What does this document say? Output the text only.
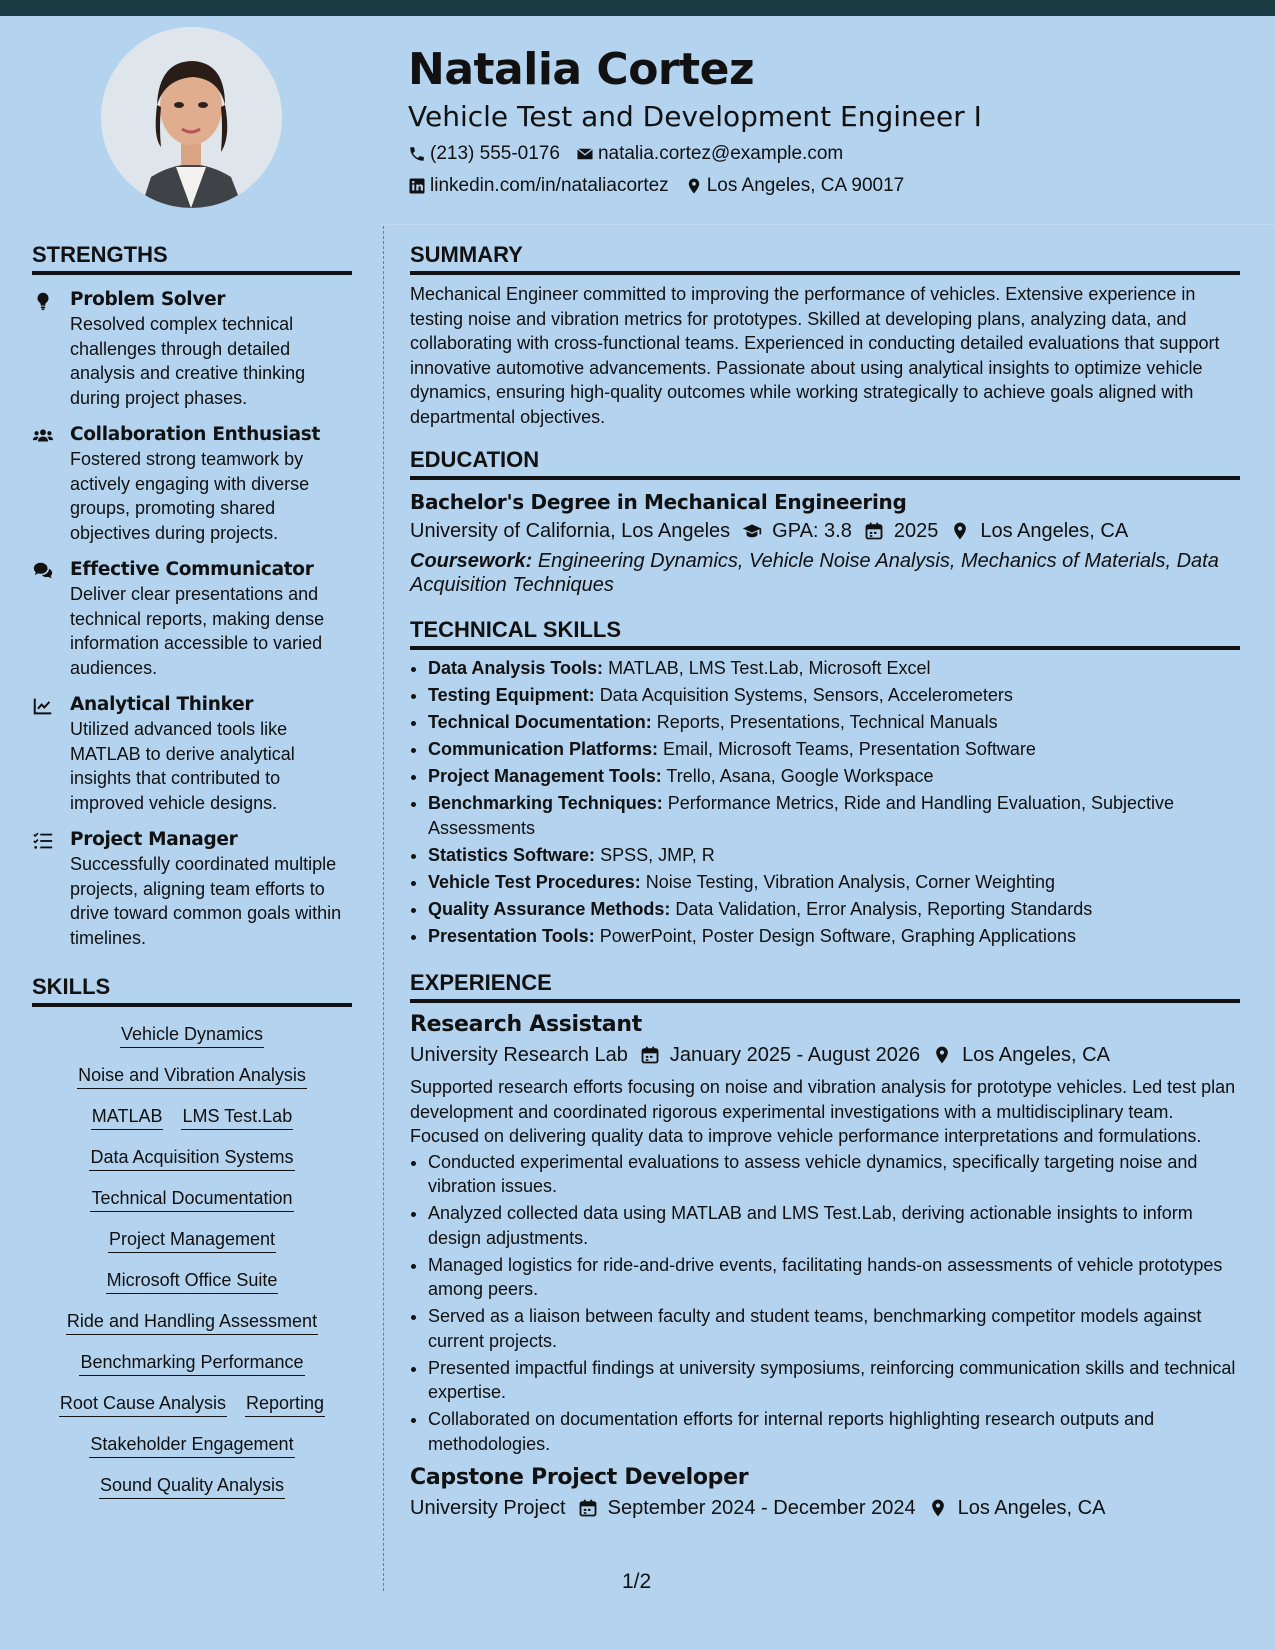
Natalia Cortez
Vehicle Test and Development Engineer I
(213) 555-0176 natalia.cortez@example.com
linkedin.com/in/nataliacortez Los Angeles, CA 90017
STRENGTHS
Problem Solver
Resolved complex technical challenges through detailed analysis and creative thinking during project phases.
Collaboration Enthusiast
Fostered strong teamwork by actively engaging with diverse groups, promoting shared objectives during projects.
Effective Communicator
Deliver clear presentations and technical reports, making dense information accessible to varied audiences.
Analytical Thinker
Utilized advanced tools like MATLAB to derive analytical insights that contributed to improved vehicle designs.
Project Manager
Successfully coordinated multiple projects, aligning team efforts to drive toward common goals within timelines.
SKILLS
Vehicle Dynamics
Noise and Vibration Analysis
MATLAB LMS Test.Lab
Data Acquisition Systems
Technical Documentation
Project Management
Microsoft Office Suite
Ride and Handling Assessment
Benchmarking Performance
Root Cause Analysis Reporting
Stakeholder Engagement
Sound Quality Analysis
SUMMARY
Mechanical Engineer committed to improving the performance of vehicles. Extensive experience in testing noise and vibration metrics for prototypes. Skilled at developing plans, analyzing data, and collaborating with cross-functional teams. Experienced in conducting detailed evaluations that support innovative automotive advancements. Passionate about using analytical insights to optimize vehicle dynamics, ensuring high-quality outcomes while working strategically to achieve goals aligned with departmental objectives.
EDUCATION
Bachelor's Degree in Mechanical Engineering
University of California, Los Angeles GPA: 3.8 2025 Los Angeles, CA
Coursework: Engineering Dynamics, Vehicle Noise Analysis, Mechanics of Materials, Data Acquisition Techniques
TECHNICAL SKILLS
• Data Analysis Tools: MATLAB, LMS Test.Lab, Microsoft Excel
• Testing Equipment: Data Acquisition Systems, Sensors, Accelerometers
• Technical Documentation: Reports, Presentations, Technical Manuals
• Communication Platforms: Email, Microsoft Teams, Presentation Software
• Project Management Tools: Trello, Asana, Google Workspace
• Benchmarking Techniques: Performance Metrics, Ride and Handling Evaluation, Subjective Assessments
• Statistics Software: SPSS, JMP, R
• Vehicle Test Procedures: Noise Testing, Vibration Analysis, Corner Weighting
• Quality Assurance Methods: Data Validation, Error Analysis, Reporting Standards
• Presentation Tools: PowerPoint, Poster Design Software, Graphing Applications
EXPERIENCE
Research Assistant
University Research Lab January 2025 - August 2026 Los Angeles, CA
Supported research efforts focusing on noise and vibration analysis for prototype vehicles. Led test plan development and coordinated rigorous experimental investigations with a multidisciplinary team. Focused on delivering quality data to improve vehicle performance interpretations and formulations.
• Conducted experimental evaluations to assess vehicle dynamics, specifically targeting noise and vibration issues.
• Analyzed collected data using MATLAB and LMS Test.Lab, deriving actionable insights to inform design adjustments.
• Managed logistics for ride-and-drive events, facilitating hands-on assessments of vehicle prototypes among peers.
• Served as a liaison between faculty and student teams, benchmarking competitor models against current projects.
• Presented impactful findings at university symposiums, reinforcing communication skills and technical expertise.
• Collaborated on documentation efforts for internal reports highlighting research outputs and methodologies.
Capstone Project Developer
University Project September 2024 - December 2024 Los Angeles, CA
1/2
